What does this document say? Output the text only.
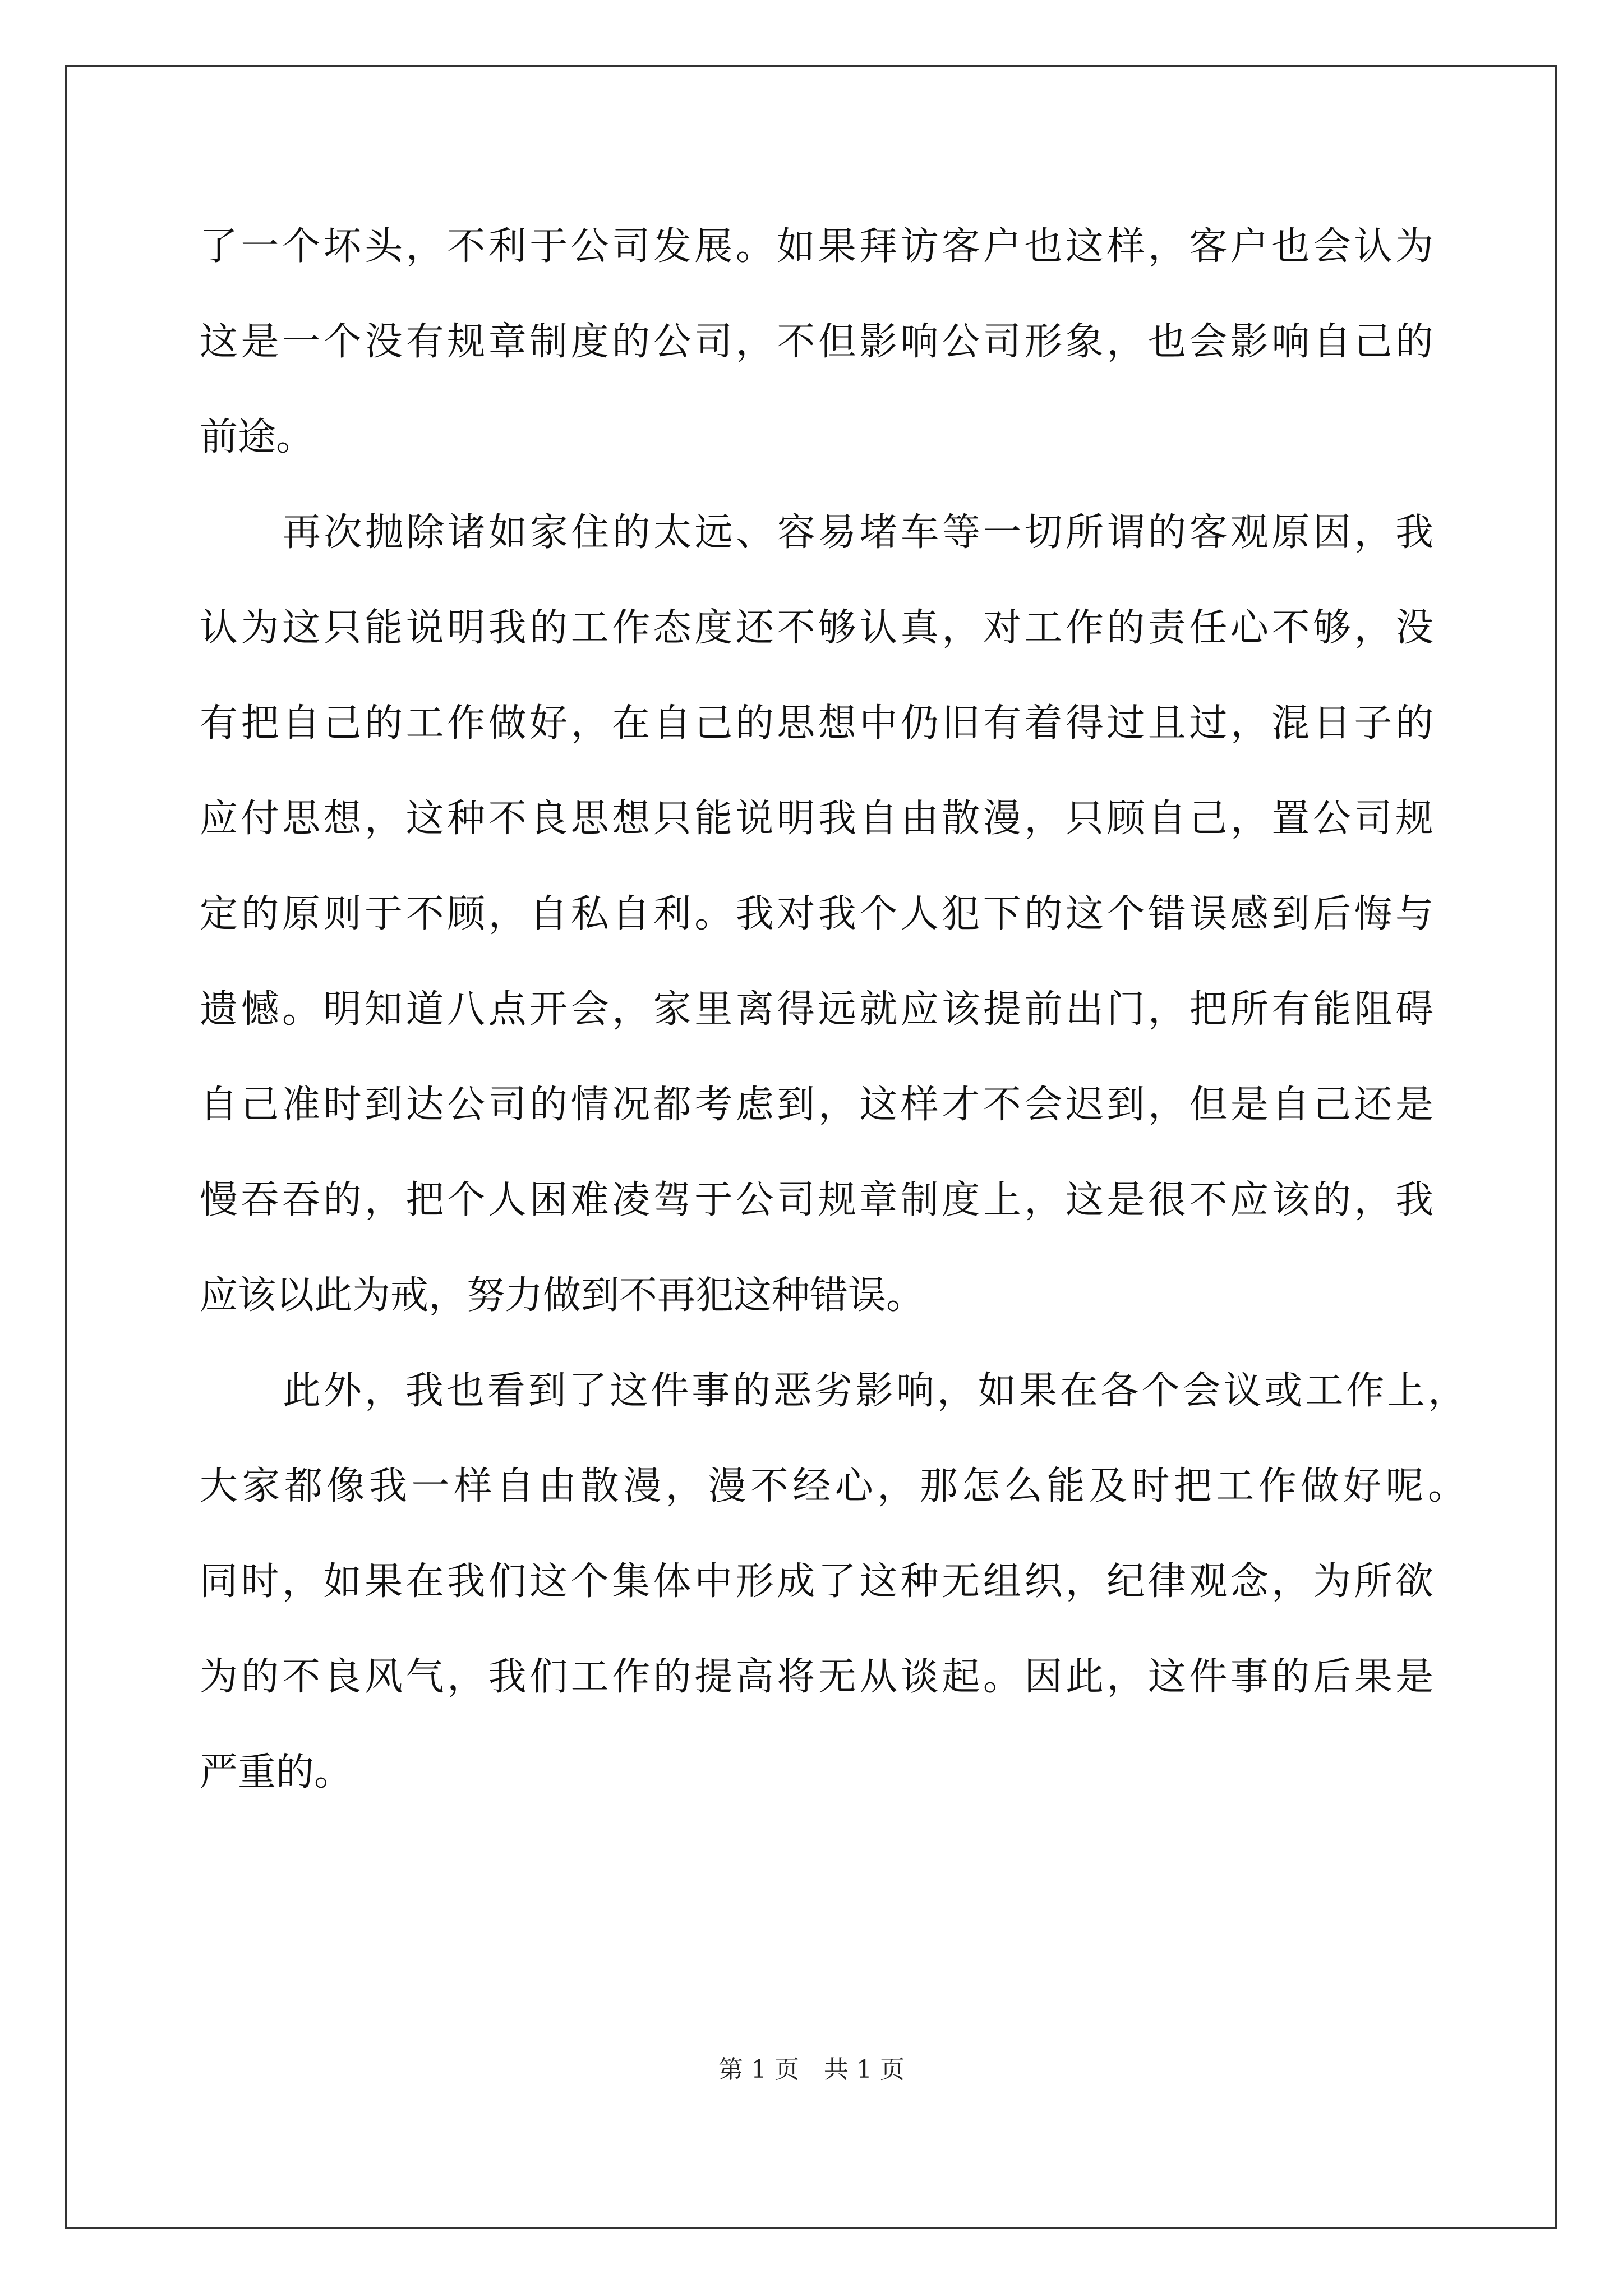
了一个坏头，不利于公司发展。如果拜访客户也这样，客户也会认为
这是一个没有规章制度的公司，不但影响公司形象，也会影响自己的
前途。
再次抛除诸如家住的太远、容易堵车等一切所谓的客观原因，我
认为这只能说明我的工作态度还不够认真，对工作的责任心不够，没
有把自己的工作做好，在自己的思想中仍旧有着得过且过，混日子的
应付思想，这种不良思想只能说明我自由散漫，只顾自己，置公司规
定的原则于不顾，自私自利。我对我个人犯下的这个错误感到后悔与
遗憾。明知道八点开会，家里离得远就应该提前出门，把所有能阻碍
自己准时到达公司的情况都考虑到，这样才不会迟到，但是自己还是
慢吞吞的，把个人困难凌驾于公司规章制度上，这是很不应该的，我
应该以此为戒，努力做到不再犯这种错误。
此外，我也看到了这件事的恶劣影响，如果在各个会议或工作上，
大家都像我一样自由散漫，漫不经心，那怎么能及时把工作做好呢。
同时，如果在我们这个集体中形成了这种无组织，纪律观念，为所欲
为的不良风气，我们工作的提高将无从谈起。因此，这件事的后果是
严重的。
第 1 页　共 1 页
